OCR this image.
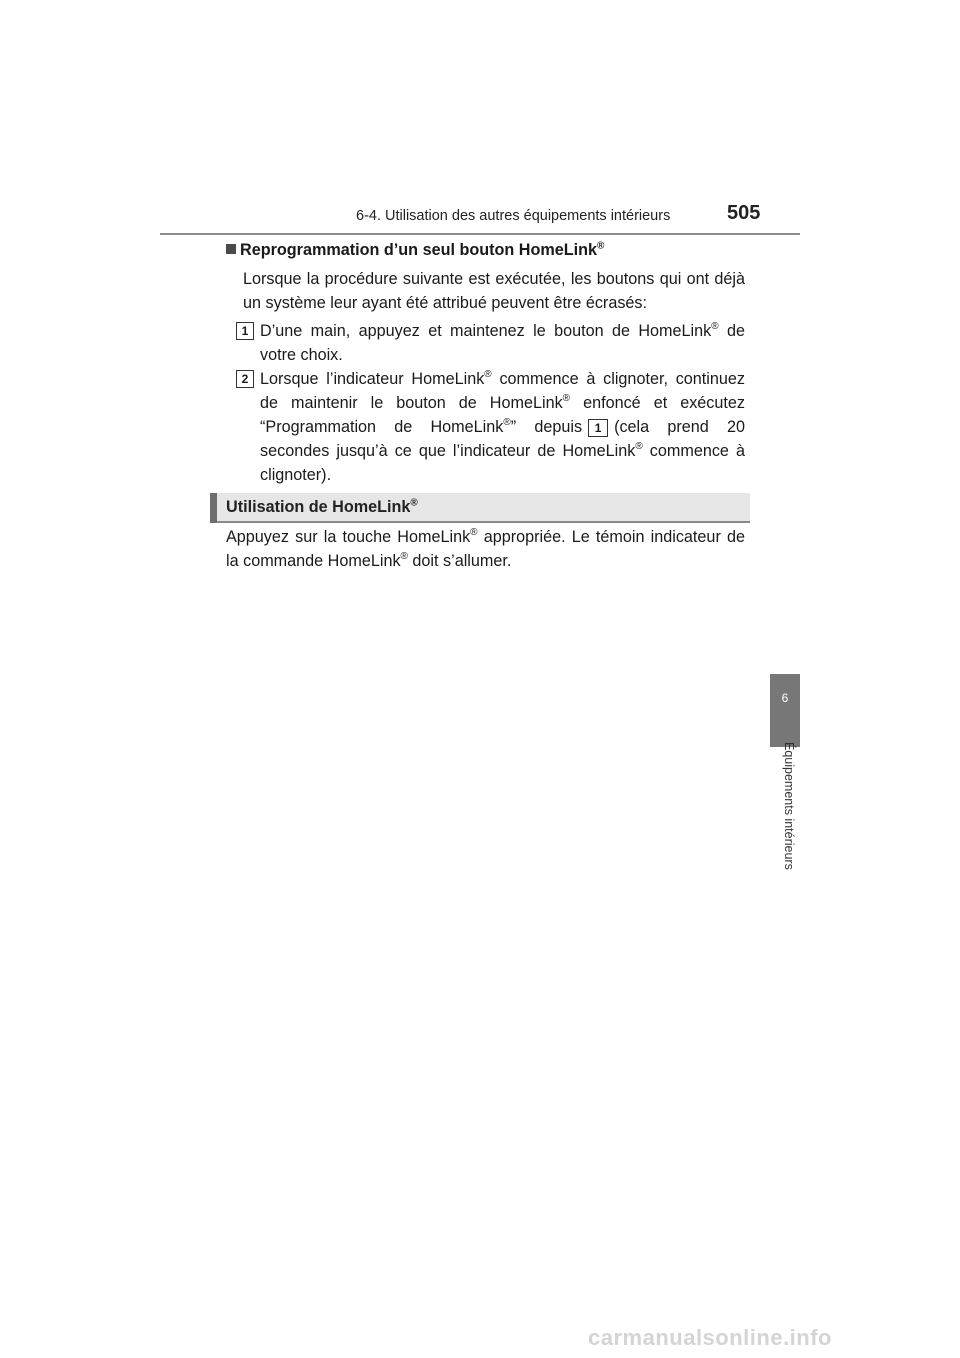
6-4. Utilisation des autres équipements intérieurs	505
Reprogrammation d’un seul bouton HomeLink®
Lorsque la procédure suivante est exécutée, les boutons qui ont déjà un système leur ayant été attribué peuvent être écrasés:
1 D’une main, appuyez et maintenez le bouton de HomeLink® de votre choix.
2 Lorsque l’indicateur HomeLink® commence à clignoter, continuez de maintenir le bouton de HomeLink® enfoncé et exécutez “Programmation de HomeLink®” depuis 1 (cela prend 20 secondes jusqu’à ce que l’indicateur de HomeLink® commence à clignoter).
Utilisation de HomeLink®
Appuyez sur la touche HomeLink® appropriée. Le témoin indicateur de la commande HomeLink® doit s’allumer.
6
Équipements intérieurs
carmanualsonline.info
